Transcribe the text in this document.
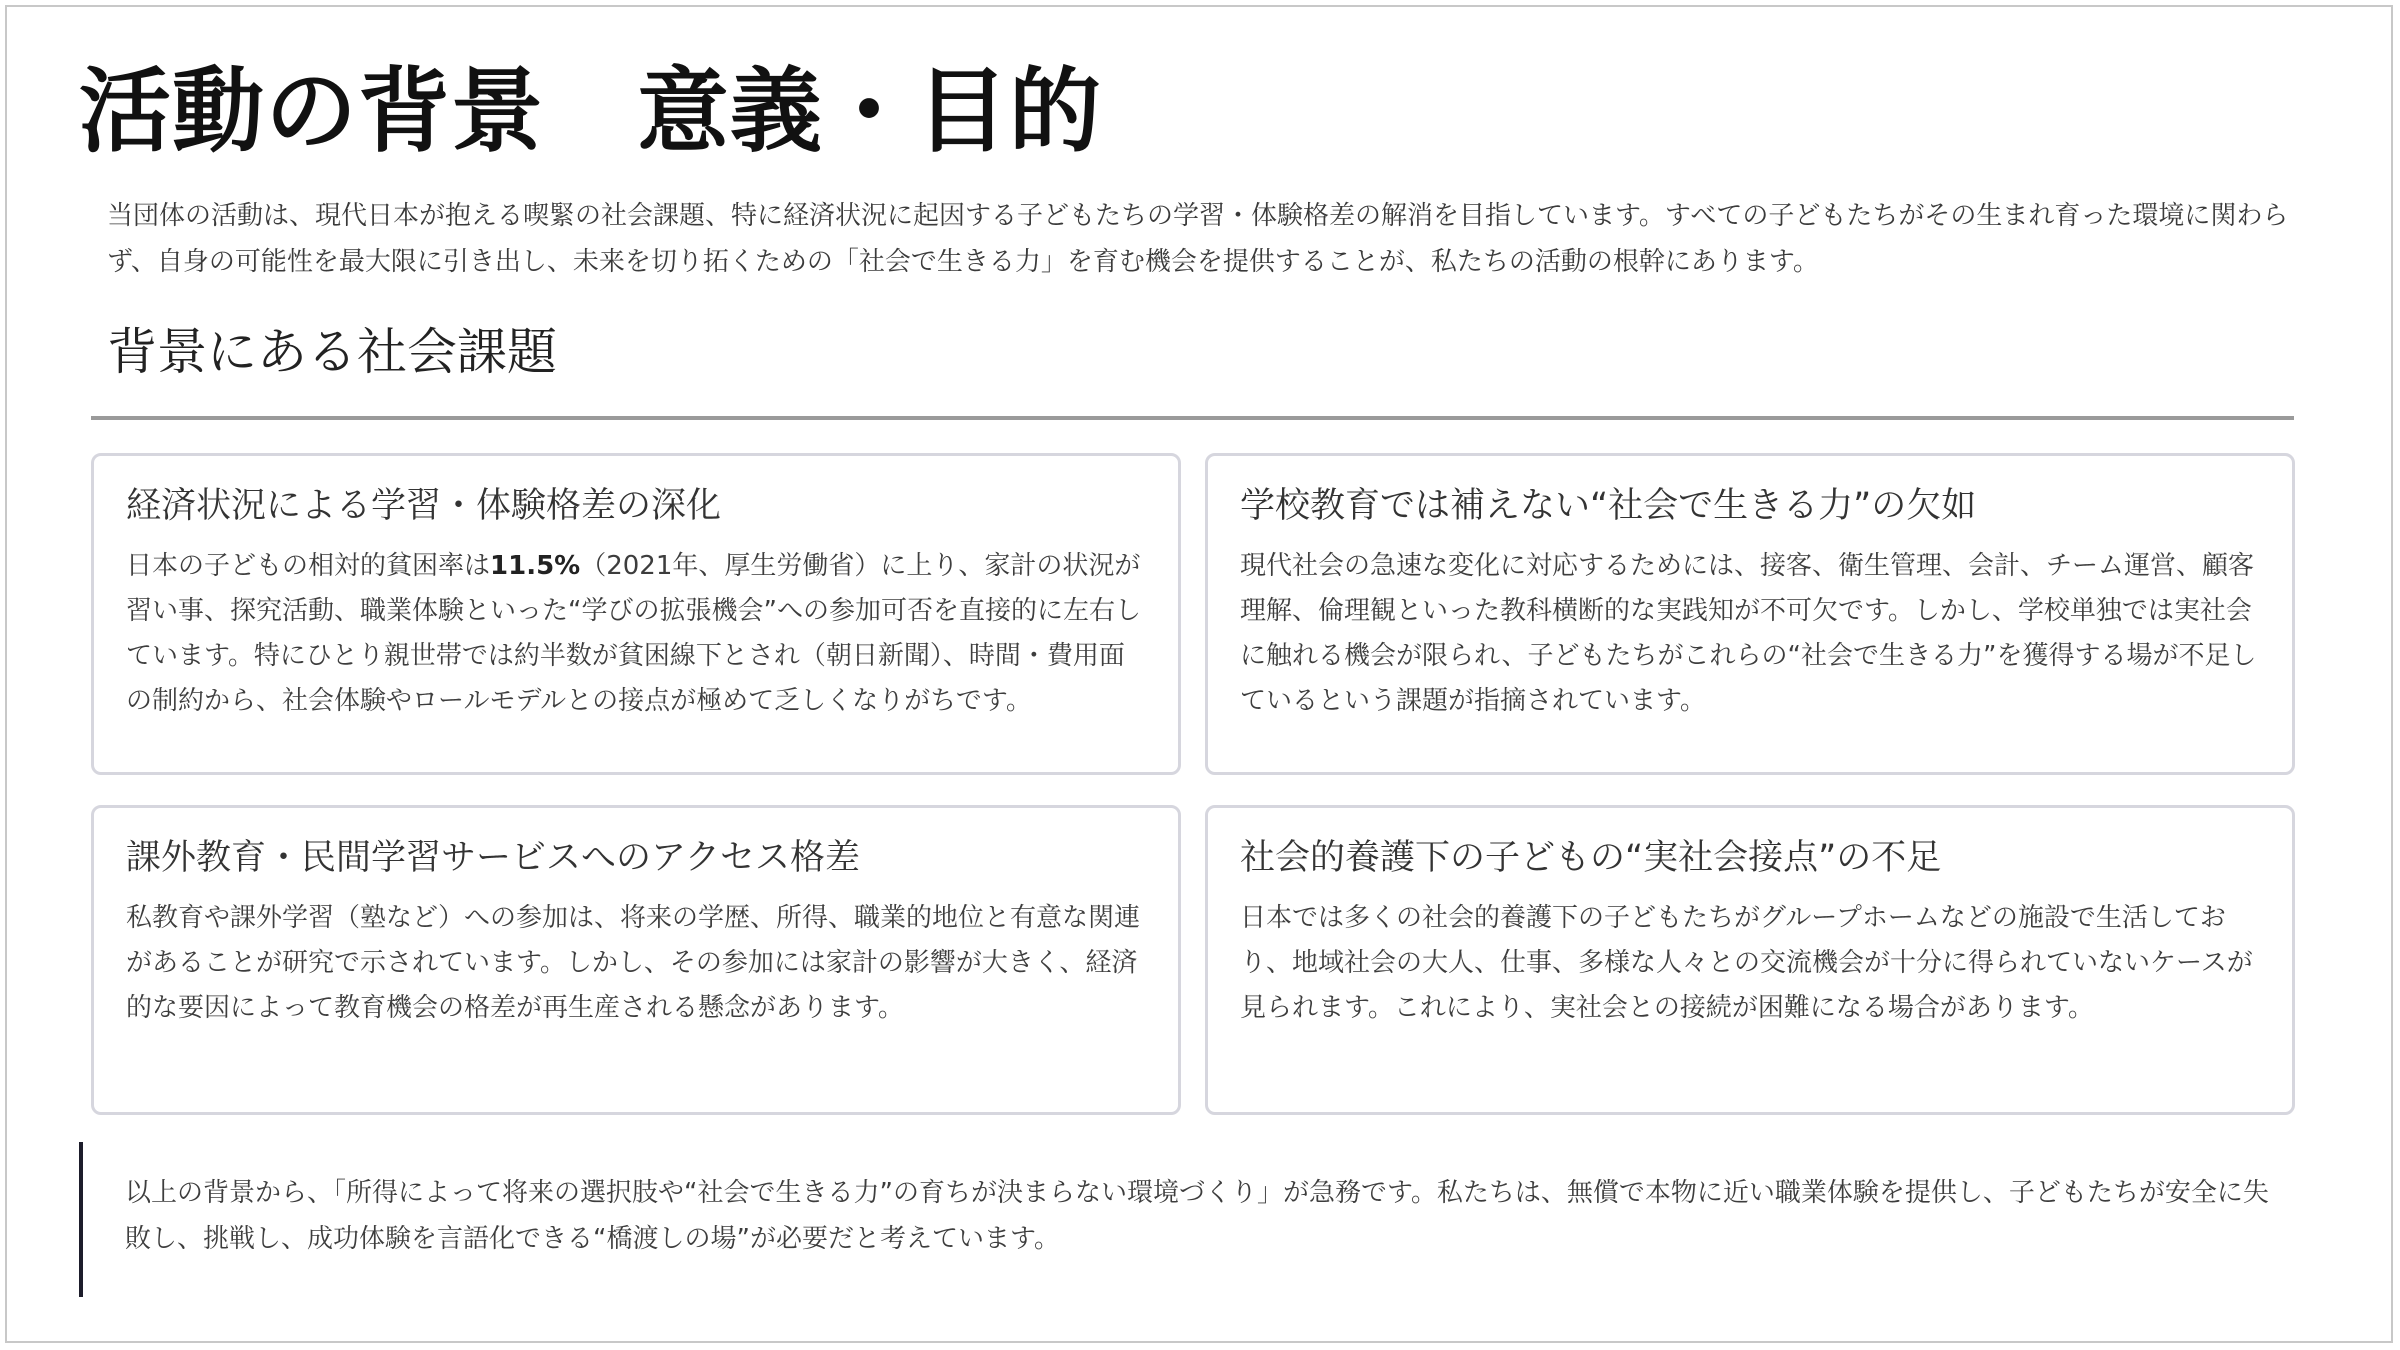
活動の背景　意義・目的

当団体の活動は、現代日本が抱える喫緊の社会課題、特に経済状況に起因する子どもたちの学習・体験格差の解消を目指しています。すべての子どもたちがその生まれ育った環境に関わらず、自身の可能性を最大限に引き出し、未来を切り拓くための「社会で生きる力」を育む機会を提供することが、私たちの活動の根幹にあります。

背景にある社会課題
経済状況による学習・体験格差の深化

日本の子どもの相対的貧困率は11.5%（2021年、厚生労働省）に上り、家計の状況が習い事、探究活動、職業体験といった“学びの拡張機会”への参加可否を直接的に左右しています。特にひとり親世帯では約半数が貧困線下とされ（朝日新聞）、時間・費用面の制約から、社会体験やロールモデルとの接点が極めて乏しくなりがちです。

学校教育では補えない“社会で生きる力”の欠如

現代社会の急速な変化に対応するためには、接客、衛生管理、会計、チーム運営、顧客理解、倫理観といった教科横断的な実践知が不可欠です。しかし、学校単独では実社会に触れる機会が限られ、子どもたちがこれらの“社会で生きる力”を獲得する場が不足しているという課題が指摘されています。

課外教育・民間学習サービスへのアクセス格差

私教育や課外学習（塾など）への参加は、将来の学歴、所得、職業的地位と有意な関連があることが研究で示されています。しかし、その参加には家計の影響が大きく、経済的な要因によって教育機会の格差が再生産される懸念があります。

社会的養護下の子どもの“実社会接点”の不足

日本では多くの社会的養護下の子どもたちがグループホームなどの施設で生活しており、地域社会の大人、仕事、多様な人々との交流機会が十分に得られていないケースが見られます。これにより、実社会との接続が困難になる場合があります。

以上の背景から、「所得によって将来の選択肢や“社会で生きる力”の育ちが決まらない環境づくり」が急務です。私たちは、無償で本物に近い職業体験を提供し、子どもたちが安全に失敗し、挑戦し、成功体験を言語化できる“橋渡しの場”が必要だと考えています。
